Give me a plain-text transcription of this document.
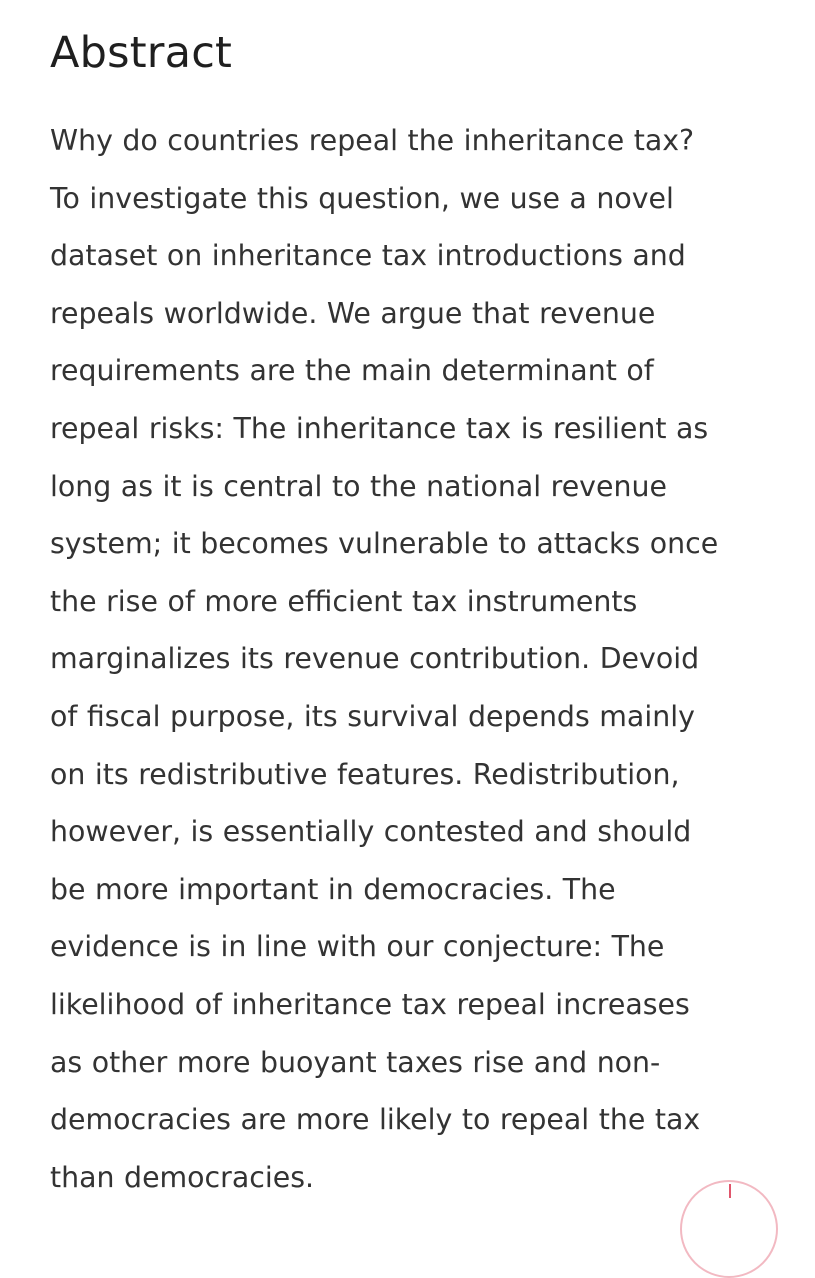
Abstract

Why do countries repeal the inheritance tax?
To investigate this question, we use a novel
dataset on inheritance tax introductions and
repeals worldwide. We argue that revenue
requirements are the main determinant of
repeal risks: The inheritance tax is resilient as
long as it is central to the national revenue
system; it becomes vulnerable to attacks once
the rise of more efficient tax instruments
marginalizes its revenue contribution. Devoid
of fiscal purpose, its survival depends mainly
on its redistributive features. Redistribution,
however, is essentially contested and should
be more important in democracies. The
evidence is in line with our conjecture: The
likelihood of inheritance tax repeal increases
as other more buoyant taxes rise and non-
democracies are more likely to repeal the tax
than democracies.
